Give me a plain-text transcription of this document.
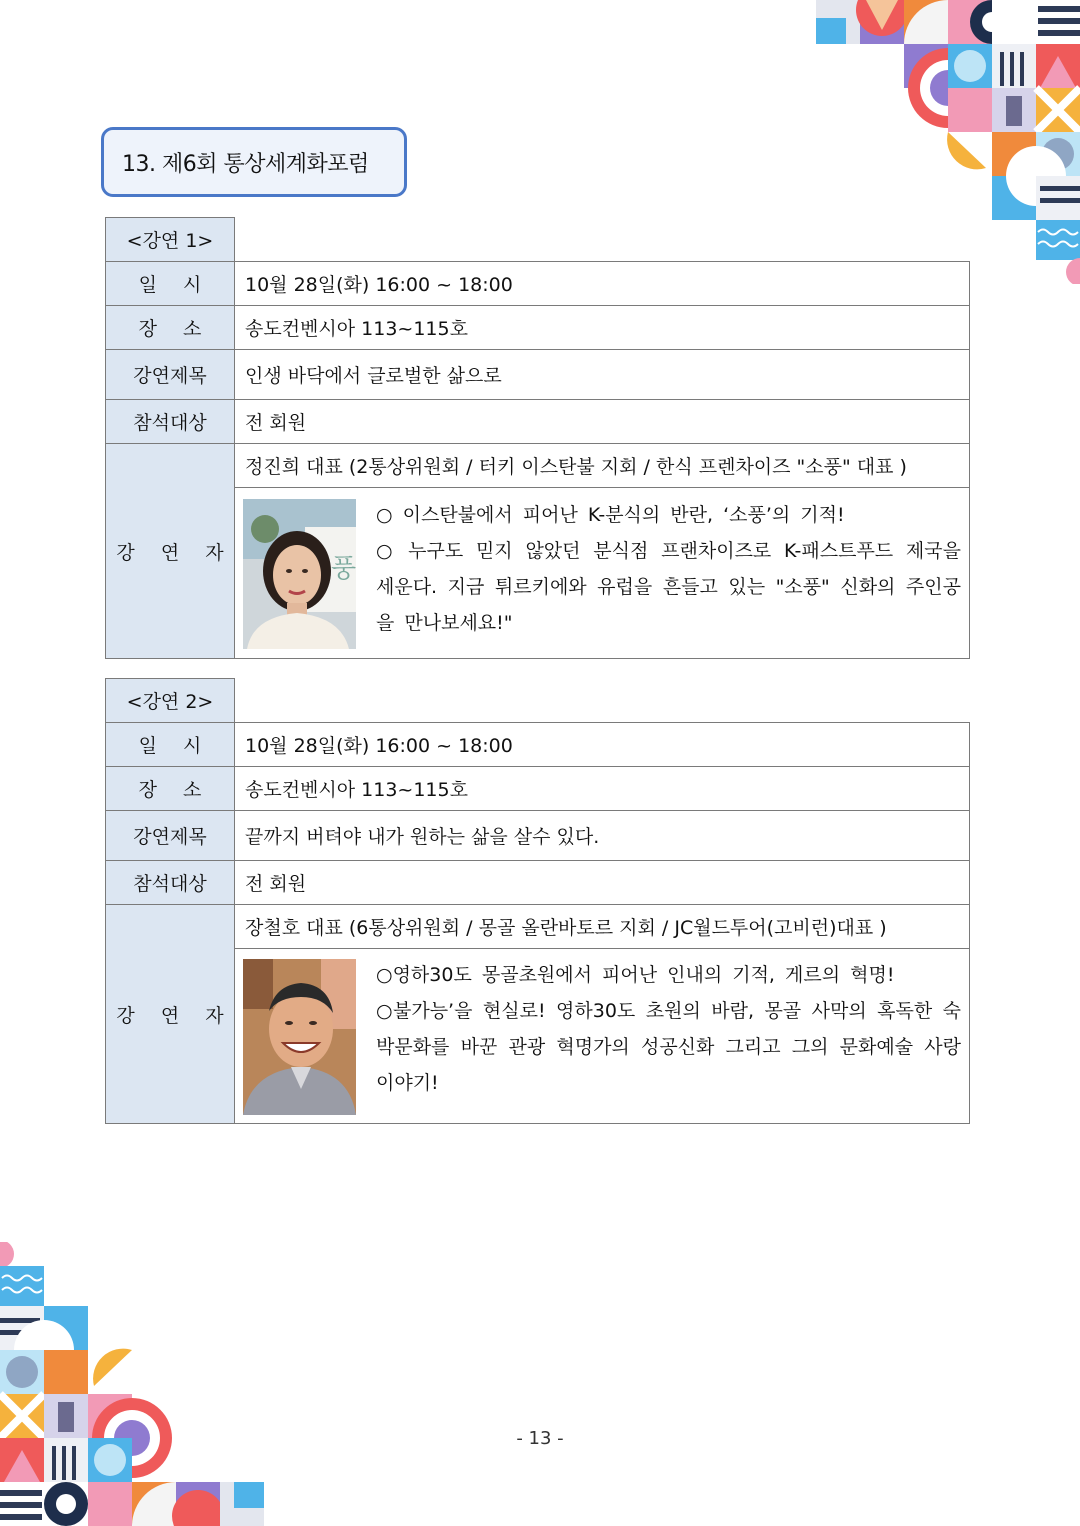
13. 제6회 통상세계화포럼
<강연 1>	
일 시	10월 28일(화) 16:00 ~ 18:00
장 소	송도컨벤시아 113~115호
강연제목	인생 바닥에서 글로벌한 삶으로
참석대상	전 회원
강 연 자	정진희 대표 (2통상위원회 / 터키 이스탄불 지회 / 한식 프렌차이즈 "소풍" 대표 )

풍

○ 이스탄불에서 피어난 K-분식의 반란, ‘소풍’의 기적!

○ 누구도 믿지 않았던 분식점 프랜차이즈로 K-패스트푸드 제국을 세운다. 지금 튀르키에와 유럽을 흔들고 있는 "소풍" 신화의 주인공을 만나보세요!"

<강연 2>	
일 시	10월 28일(화) 16:00 ~ 18:00
장 소	송도컨벤시아 113~115호
강연제목	끝까지 버텨야 내가 원하는 삶을 살수 있다.
참석대상	전 회원
강 연 자	장철호 대표 (6통상위원회 / 몽골 올란바토르 지회 / JC월드투어(고비런)대표 )

	○영하30도 몽골초원에서 피어난 인내의 기적, 게르의 혁명!

○불가능’을 현실로! 영하30도 초원의 바람, 몽골 사막의 혹독한 숙박문화를 바꾼 관광 혁명가의 성공신화 그리고 그의 문화예술 사랑 이야기!

- 13 -
